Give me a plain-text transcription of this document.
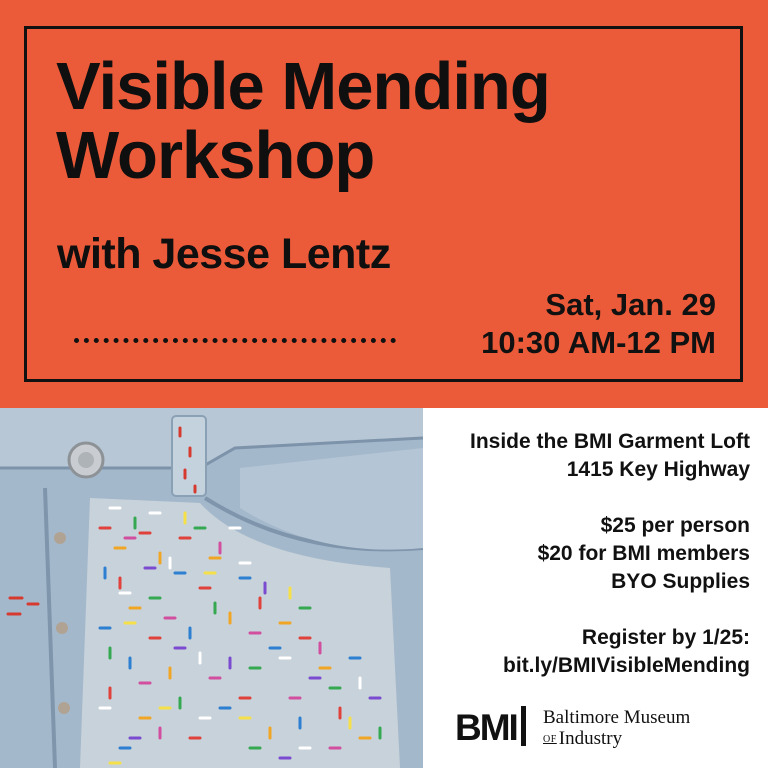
Visible Mending
Workshop
with Jesse Lentz
Sat, Jan. 29
10:30 AM-12 PM
Inside the BMI Garment Loft
1415 Key Highway
$25 per person
$20 for BMI members
BYO Supplies
Register by 1/25:
bit.ly/BMIVisibleMending
BMI Baltimore Museum
OF Industry
